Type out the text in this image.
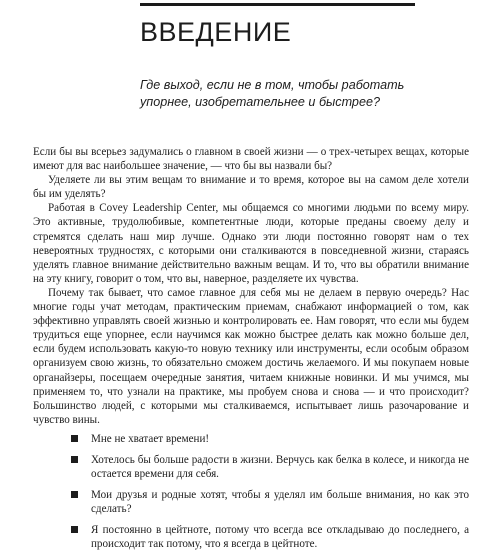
ВВЕДЕНИЕ

Где выход, если не в том, чтобы работать упорнее, изобретательнее и быстрее?

Если бы вы всерьез задумались о главном в своей жизни — о трех-четырех вещах, которые имеют для вас наибольшее значение, — что бы вы назвали бы?

Уделяете ли вы этим вещам то внимание и то время, которое вы на самом деле хотели бы им уделять?

Работая в Covey Leadership Center, мы общаемся со многими людьми по всему миру. Это активные, трудолюбивые, компетентные люди, которые преданы своему делу и стремятся сделать наш мир лучше. Однако эти люди постоянно говорят нам о тех невероятных трудностях, с которыми они сталкиваются в повседневной жизни, стараясь уделять главное внимание действительно важным вещам. И то, что вы обратили внимание на эту книгу, говорит о том, что вы, наверное, разделяете их чувства.

Почему так бывает, что самое главное для себя мы не делаем в первую очередь? Нас многие годы учат методам, практическим приемам, снабжают информацией о том, как эффективно управлять своей жизнью и контролировать ее. Нам говорят, что если мы будем трудиться еще упорнее, если научимся как можно быстрее делать как можно больше дел, если будем использовать какую-то новую технику или инструменты, если особым образом организуем свою жизнь, то обязательно сможем достичь желаемого. И мы покупаем новые органайзеры, посещаем очередные занятия, читаем книжные новинки. И мы учимся, мы применяем то, что узнали на практике, мы пробуем снова и снова — и что происходит? Большинство людей, с которыми мы сталкиваемся, испытывает лишь разочарование и чувство вины.

Мне не хватает времени!
Хотелось бы больше радости в жизни. Верчусь как белка в колесе, и никогда не остается времени для себя.
Мои друзья и родные хотят, чтобы я уделял им больше внимания, но как это сделать?
Я постоянно в цейтноте, потому что всегда все откладываю до последнего, а происходит так потому, что я всегда в цейтноте.
